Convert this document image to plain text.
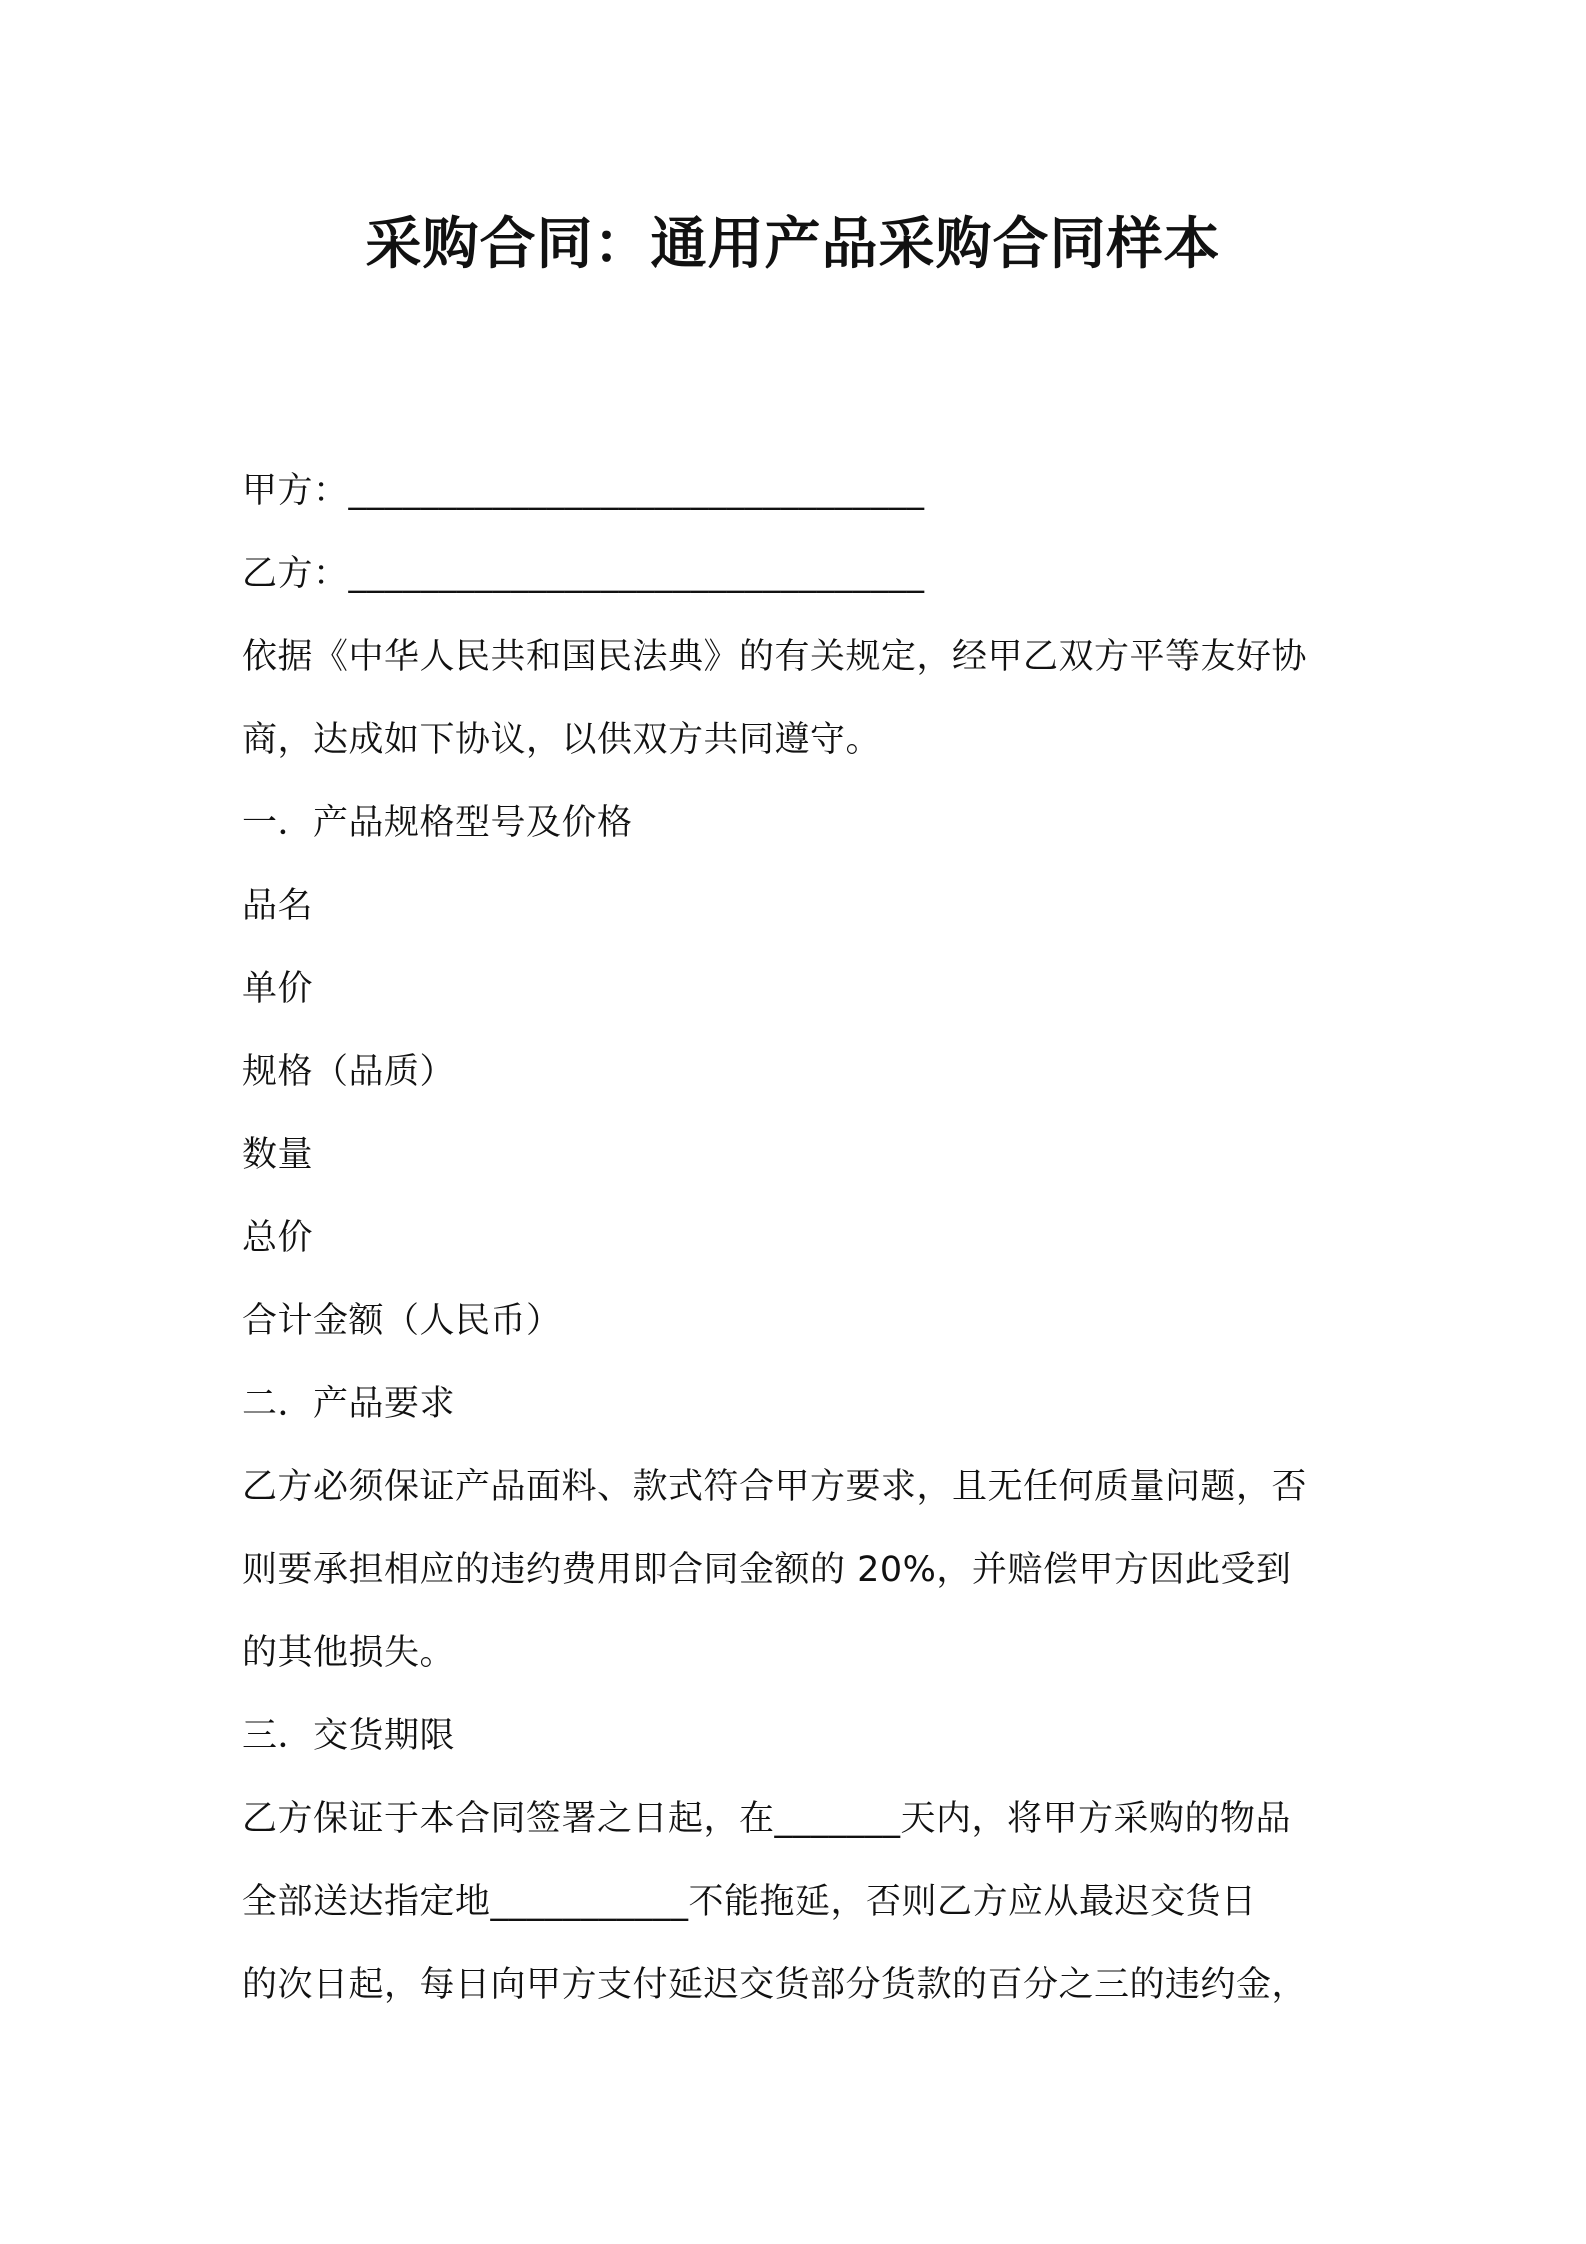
采购合同：通用产品采购合同样本
甲方：________________________________
乙方：________________________________
依据《中华人民共和国民法典》的有关规定，经甲乙双方平等友好协
商，达成如下协议，以供双方共同遵守。
一．产品规格型号及价格
品名
单价
规格（品质）
数量
总价
合计金额（人民币）
二．产品要求
乙方必须保证产品面料、款式符合甲方要求，且无任何质量问题，否
则要承担相应的违约费用即合同金额的 20%，并赔偿甲方因此受到
的其他损失。
三．交货期限
乙方保证于本合同签署之日起，在_______天内，将甲方采购的物品
全部送达指定地___________不能拖延，否则乙方应从最迟交货日
的次日起，每日向甲方支付延迟交货部分货款的百分之三的违约金，
